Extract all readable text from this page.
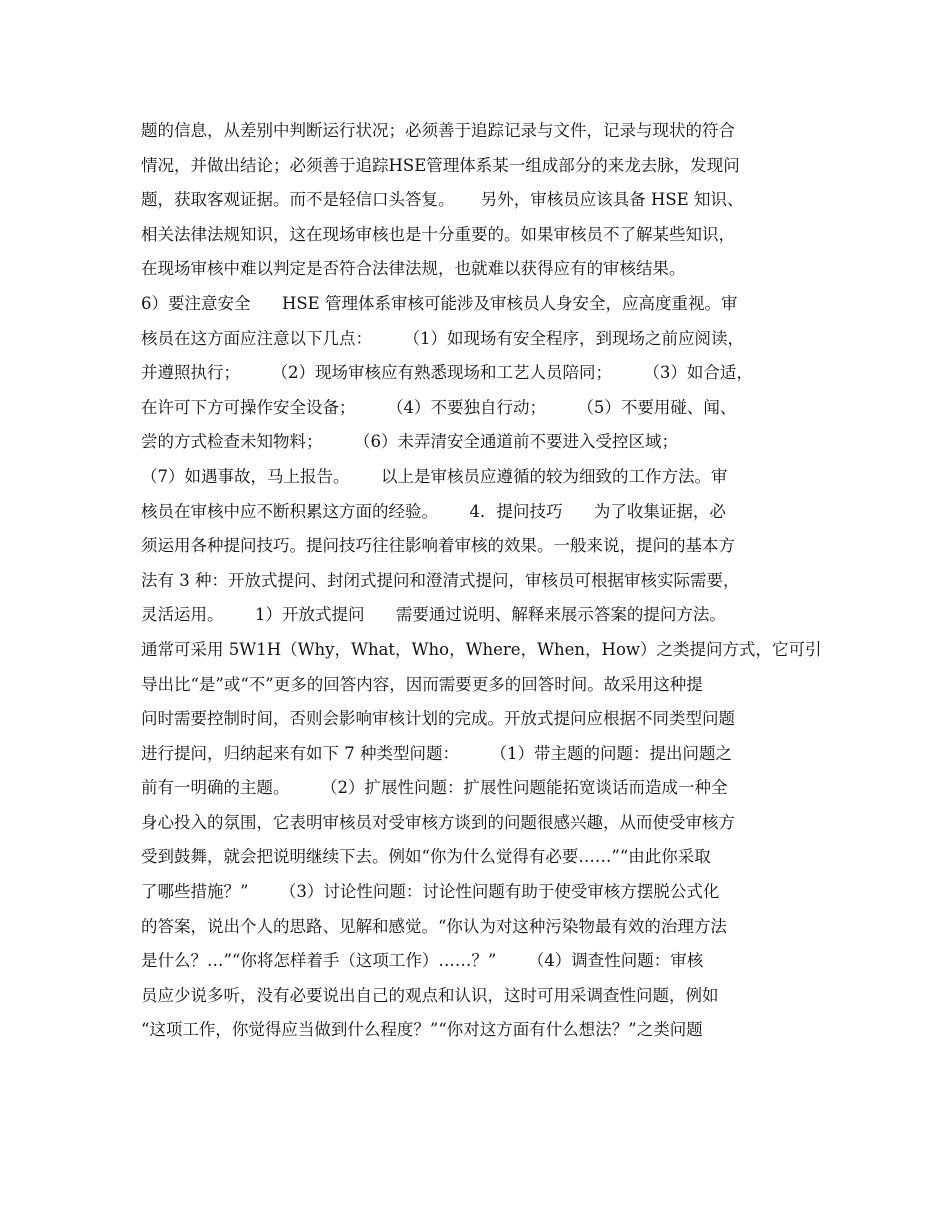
题的信息，从差别中判断运行状况；必须善于追踪记录与文件，记录与现状的符合
情况，并做出结论；必须善于追踪HSE管理体系某一组成部分的来龙去脉，发现问
题，获取客观证据。而不是轻信口头答复。     另外，审核员应该具备 HSE 知识、
相关法律法规知识，这在现场审核也是十分重要的。如果审核员不了解某些知识，
在现场审核中难以判定是否符合法律法规，也就难以获得应有的审核结果。
6）要注意安全      HSE 管理体系审核可能涉及审核员人身安全，应高度重视。审
核员在这方面应注意以下几点：      （1）如现场有安全程序，到现场之前应阅读，
并遵照执行；      （2）现场审核应有熟悉现场和工艺人员陪同；      （3）如合适，
在许可下方可操作安全设备；      （4）不要独自行动；      （5）不要用碰、闻、
尝的方式检查未知物料；      （6）未弄清安全通道前不要进入受控区域；
（7）如遇事故，马上报告。      以上是审核员应遵循的较为细致的工作方法。审
核员在审核中应不断积累这方面的经验。      4．提问技巧      为了收集证据，必
须运用各种提问技巧。提问技巧往往影响着审核的效果。一般来说，提问的基本方
法有 3 种：开放式提问、封闭式提问和澄清式提问，审核员可根据审核实际需要，
灵活运用。      1）开放式提问      需要通过说明、解释来展示答案的提问方法。
通常可采用 5W1H（Why，What，Who，Where，When，How）之类提问方式，它可引
导出比“是”或“不”更多的回答内容，因而需要更多的回答时间。故采用这种提
问时需要控制时间，否则会影响审核计划的完成。开放式提问应根据不同类型问题
进行提问，归纳起来有如下 7 种类型问题：      （1）带主题的问题：提出问题之
前有一明确的主题。      （2）扩展性问题：扩展性问题能拓宽谈话而造成一种全
身心投入的氛围，它表明审核员对受审核方谈到的问题很感兴趣，从而使受审核方
受到鼓舞，就会把说明继续下去。例如“你为什么觉得有必要……”“由此你采取
了哪些措施？”      （3）讨论性问题：讨论性问题有助于使受审核方摆脱公式化
的答案，说出个人的思路、见解和感觉。“你认为对这种污染物最有效的治理方法
是什么？…”“你将怎样着手（这项工作）……？”      （4）调查性问题：审核
员应少说多听，没有必要说出自己的观点和认识，这时可用采调查性问题，例如
“这项工作，你觉得应当做到什么程度？”“你对这方面有什么想法？”之类问题
